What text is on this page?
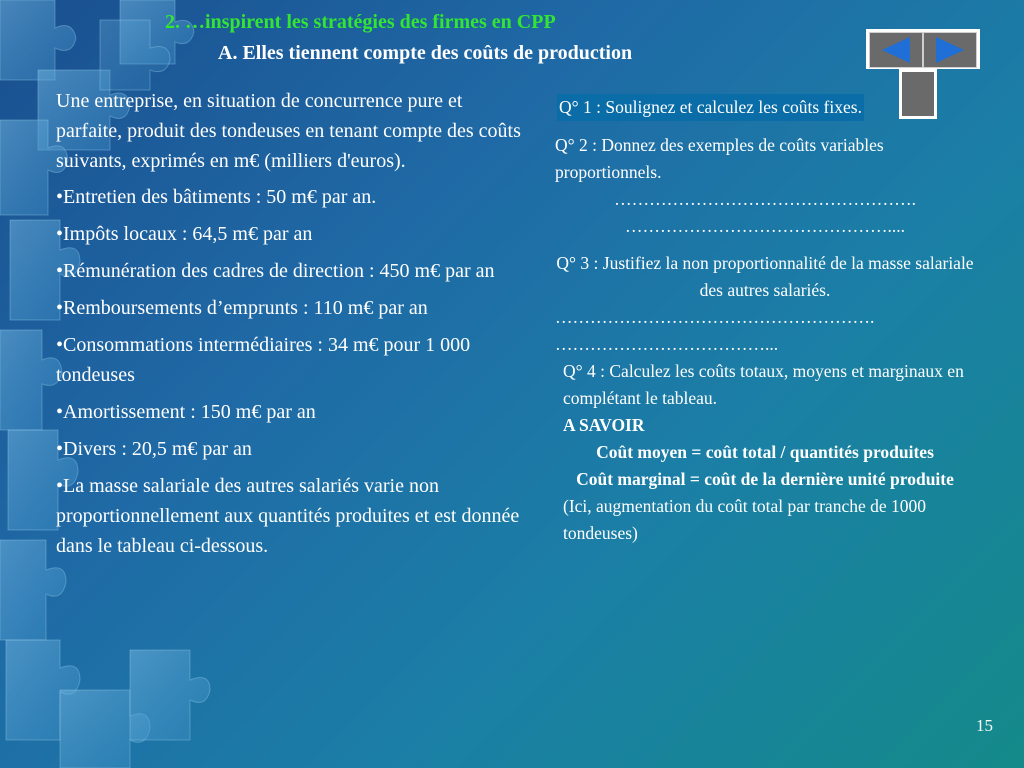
2. …inspirent les stratégies des firmes en CPP
A. Elles tiennent compte des coûts de production

Une entreprise, en situation de concurrence pure et parfaite, produit des tondeuses en tenant compte des coûts suivants, exprimés en m€ (milliers d'euros).

•Entretien des bâtiments : 50 m€ par an.
•Impôts locaux : 64,5 m€ par an
•Rémunération des cadres de direction : 450 m€ par an
•Remboursements d’emprunts : 110 m€ par an
•Consommations intermédiaires : 34 m€ pour 1 000 tondeuses
•Amortissement : 150 m€ par an
•Divers : 20,5 m€ par an
•La masse salariale des autres salariés varie non proportionnellement aux quantités produites et est donnée dans le tableau ci-dessous.
Q° 1 : Soulignez et calculez les coûts fixes.
Q° 2 : Donnez des exemples de coûts variables proportionnels.
…………………………………………….
………………………………………....
Q° 3 : Justifiez la non proportionnalité de la masse salariale des autres salariés.
……………………………………………….
………………………………...
Q° 4 : Calculez les coûts totaux, moyens et marginaux en complétant le tableau.
A SAVOIR
Coût moyen = coût total / quantités produites
Coût marginal = coût de la dernière unité produite
(Ici, augmentation du coût total par tranche de 1000 tondeuses)
15
